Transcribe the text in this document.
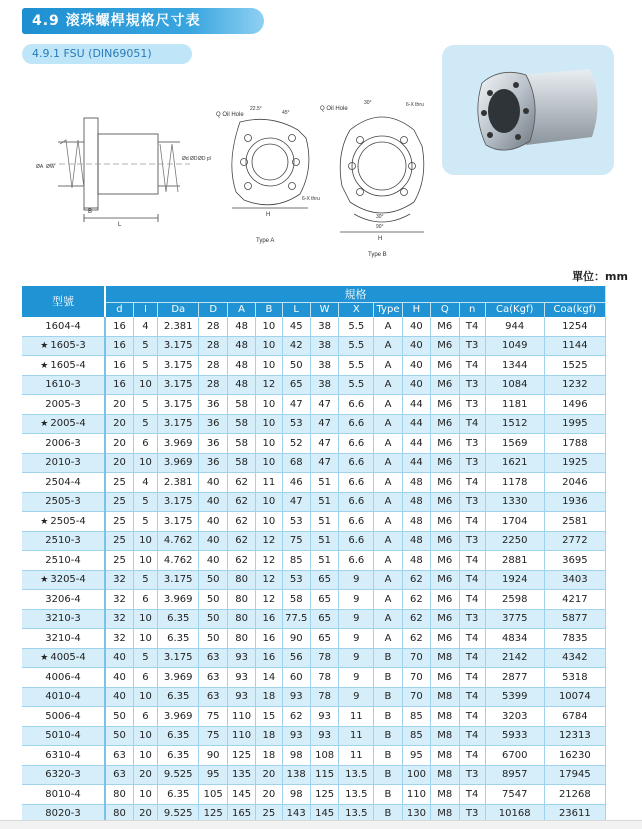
4.9 滚珠螺桿規格尺寸表
4.9.1 FSU (DIN69051)
B
L
ØA ØW
Ød ØD ØD pl
Q Oil Hole
22.5°
45°
6-X thru
H
Type A
Q Oil Hole
30°	6-X thru
30°
90°
H
Type B
單位：mm
型號	規格														
	d	I	Da	D	A	B	L	W	X	Type	H	Q	n	Ca(Kgf)	Coa(kgf)
1604-4	16	4	2.381	28	48	10	45	38	5.5	A	40	M6	T4	944	1254
★ 1605-3	16	5	3.175	28	48	10	42	38	5.5	A	40	M6	T3	1049	1144
★ 1605-4	16	5	3.175	28	48	10	50	38	5.5	A	40	M6	T4	1344	1525
1610-3	16	10	3.175	28	48	12	65	38	5.5	A	40	M6	T3	1084	1232
2005-3	20	5	3.175	36	58	10	47	47	6.6	A	44	M6	T3	1181	1496
★ 2005-4	20	5	3.175	36	58	10	53	47	6.6	A	44	M6	T4	1512	1995
2006-3	20	6	3.969	36	58	10	52	47	6.6	A	44	M6	T3	1569	1788
2010-3	20	10	3.969	36	58	10	68	47	6.6	A	44	M6	T3	1621	1925
2504-4	25	4	2.381	40	62	11	46	51	6.6	A	48	M6	T4	1178	2046
2505-3	25	5	3.175	40	62	10	47	51	6.6	A	48	M6	T3	1330	1936
★ 2505-4	25	5	3.175	40	62	10	53	51	6.6	A	48	M6	T4	1704	2581
2510-3	25	10	4.762	40	62	12	75	51	6.6	A	48	M6	T3	2250	2772
2510-4	25	10	4.762	40	62	12	85	51	6.6	A	48	M6	T4	2881	3695
★ 3205-4	32	5	3.175	50	80	12	53	65	9	A	62	M6	T4	1924	3403
3206-4	32	6	3.969	50	80	12	58	65	9	A	62	M6	T4	2598	4217
3210-3	32	10	6.35	50	80	16	77.5	65	9	A	62	M6	T3	3775	5877
3210-4	32	10	6.35	50	80	16	90	65	9	A	62	M6	T4	4834	7835
★ 4005-4	40	5	3.175	63	93	16	56	78	9	B	70	M8	T4	2142	4342
4006-4	40	6	3.969	63	93	14	60	78	9	B	70	M6	T4	2877	5318
4010-4	40	10	6.35	63	93	18	93	78	9	B	70	M8	T4	5399	10074
5006-4	50	6	3.969	75	110	15	62	93	11	B	85	M8	T4	3203	6784
5010-4	50	10	6.35	75	110	18	93	93	11	B	85	M8	T4	5933	12313
6310-4	63	10	6.35	90	125	18	98	108	11	B	95	M8	T4	6700	16230
6320-3	63	20	9.525	95	135	20	138	115	13.5	B	100	M8	T3	8957	17945
8010-4	80	10	6.35	105	145	20	98	125	13.5	B	110	M8	T4	7547	21268
8020-3	80	20	9.525	125	165	25	143	145	13.5	B	130	M8	T3	10168	23611
